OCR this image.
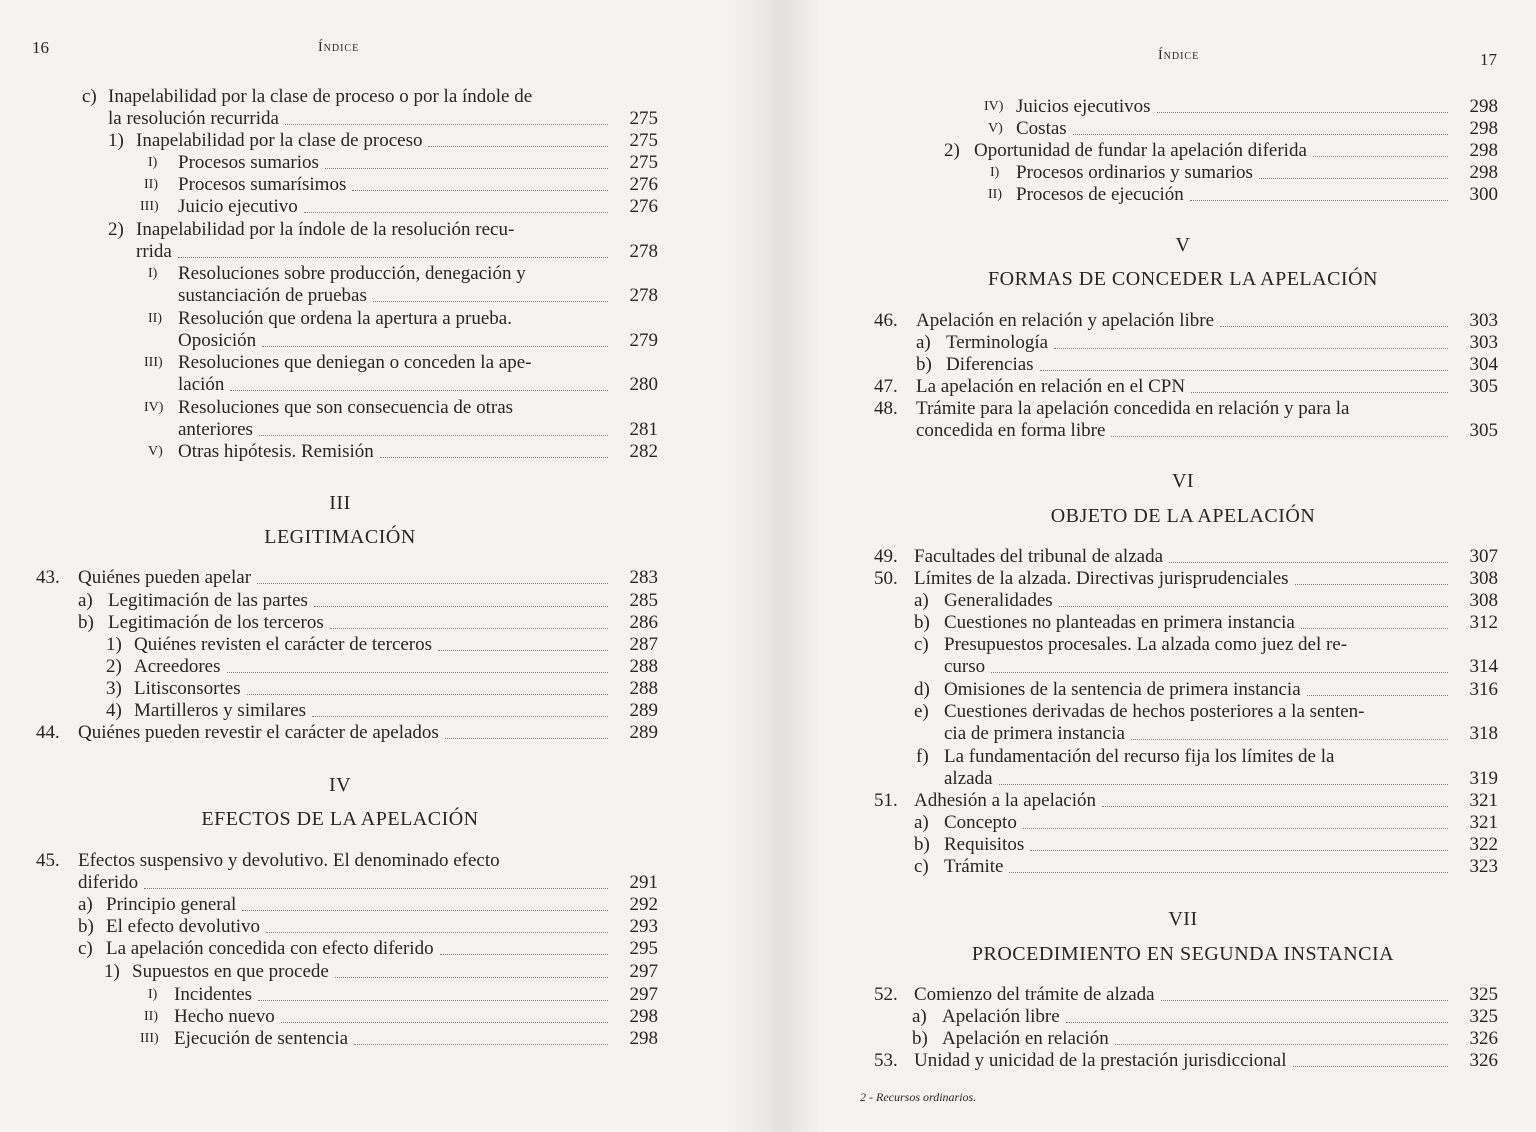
16	Índice
III
LEGITIMACIÓN
IV
EFECTOS DE LA APELACIÓN
c) Inapelabilidad por la clase de proceso o por la índole de
la resolución recurrida	275
1) Inapelabilidad por la clase de proceso	275
I) Procesos sumarios	275
II) Procesos sumarísimos	276
III) Juicio ejecutivo	276
2) Inapelabilidad por la índole de la resolución recu-
rrida	278
I) Resoluciones sobre producción, denegación y
sustanciación de pruebas	278
II) Resolución que ordena la apertura a prueba.
Oposición	279
III) Resoluciones que deniegan o conceden la ape-
lación	280
IV) Resoluciones que son consecuencia de otras
anteriores	281
V) Otras hipótesis. Remisión	282
43. Quiénes pueden apelar	283
a) Legitimación de las partes	285
b) Legitimación de los terceros	286
1) Quiénes revisten el carácter de terceros	287
2) Acreedores	288
3) Litisconsortes	288
4) Martilleros y similares	289
44. Quiénes pueden revestir el carácter de apelados	289
45. Efectos suspensivo y devolutivo. El denominado efecto
diferido	291
a) Principio general	292
b) El efecto devolutivo	293
c) La apelación concedida con efecto diferido	295
1) Supuestos en que procede	297
I) Incidentes	297
II) Hecho nuevo	298
III) Ejecución de sentencia	298
Índice	17
V
FORMAS DE CONCEDER LA APELACIÓN
VI
OBJETO DE LA APELACIÓN
VII
PROCEDIMIENTO EN SEGUNDA INSTANCIA
2 - Recursos ordinarios.
IV) Juicios ejecutivos	298
V) Costas	298
2) Oportunidad de fundar la apelación diferida	298
I) Procesos ordinarios y sumarios	298
II) Procesos de ejecución	300
46. Apelación en relación y apelación libre	303
a) Terminología	303
b) Diferencias	304
47. La apelación en relación en el CPN	305
48. Trámite para la apelación concedida en relación y para la
concedida en forma libre	305
49. Facultades del tribunal de alzada	307
50. Límites de la alzada. Directivas jurisprudenciales	308
a) Generalidades	308
b) Cuestiones no planteadas en primera instancia	312
c) Presupuestos procesales. La alzada como juez del re-
curso	314
d) Omisiones de la sentencia de primera instancia	316
e) Cuestiones derivadas de hechos posteriores a la senten-
cia de primera instancia	318
f) La fundamentación del recurso fija los límites de la
alzada	319
51. Adhesión a la apelación	321
a) Concepto	321
b) Requisitos	322
c) Trámite	323
52. Comienzo del trámite de alzada	325
a) Apelación libre	325
b) Apelación en relación	326
53. Unidad y unicidad de la prestación jurisdiccional	326
